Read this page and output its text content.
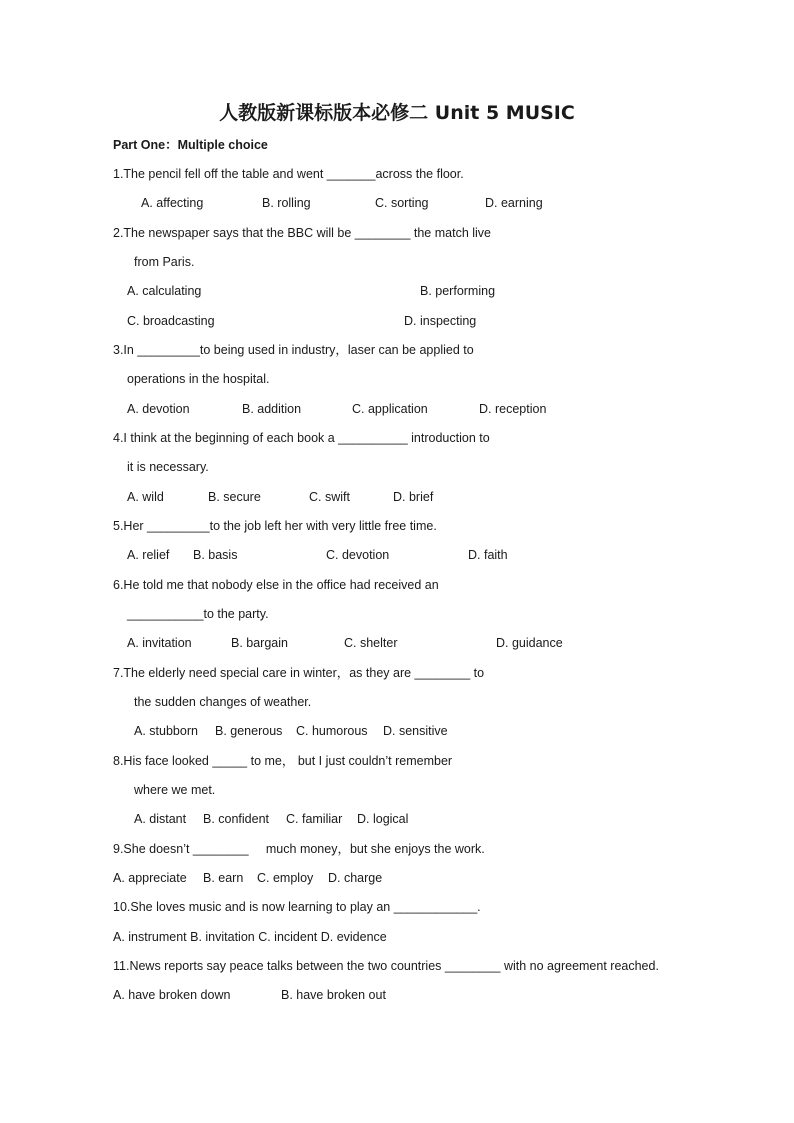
人教版新课标版本必修二 Unit 5 MUSIC
Part One：Multiple choice
1.The pencil fell off the table and went _______across the floor.
A. affecting	B. rolling	C. sorting	D. earning
2.The newspaper says that the BBC will be ________ the match live
from Paris.
A. calculating	B. performing
C. broadcasting	D. inspecting
3.In _________to being used in industry，laser can be applied to
operations in the hospital.
A. devotion	B. addition	C. application	D. reception
4.I think at the beginning of each book a __________ introduction to
it is necessary.
A. wild	B. secure	C. swift	D. brief
5.Her _________to the job left her with very little free time.
A. relief B. basis	C. devotion	D. faith
6.He told me that nobody else in the office had received an
___________to the party.
A. invitation	B. bargain	C. shelter	D. guidance
7.The elderly need special care in winter，as they are ________ to
the sudden changes of weather.
A. stubborn B. generous C. humorous D. sensitive
8.His face looked _____ to me， but I just couldn’t remember
where we met.
A. distant B. confident C. familiar D. logical
9.She doesn’t ________     much money，but she enjoys the work.
A. appreciate B. earn C. employ D. charge
10.She loves music and is now learning to play an ____________.
A. instrument B. invitation C. incident D. evidence
11.News reports say peace talks between the two countries ________ with no agreement reached.
A. have broken down	B. have broken out
